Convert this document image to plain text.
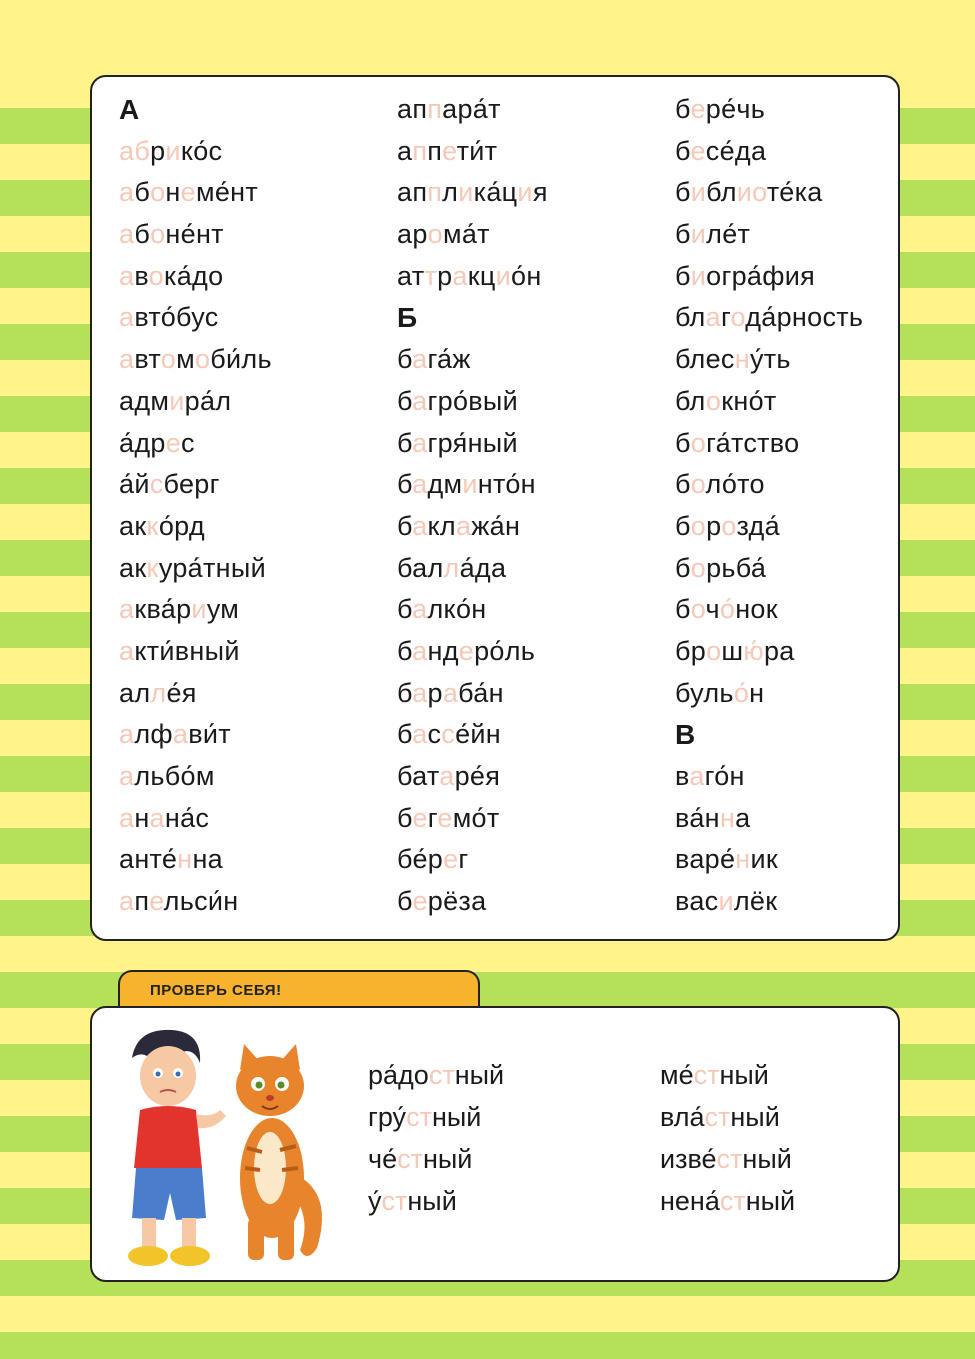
А
абрико́с
абонеме́нт
абоне́нт
авока́до
авто́бус
автомоби́ль
адмира́л
а́дрес
а́йсберг
акко́рд
аккура́тный
аква́риум
акти́вный
алле́я
алфави́т
альбо́м
анана́с
анте́нна
апельси́н
аппара́т
аппети́т
апплика́ция
арома́т
аттракцио́н
Б
бага́ж
багро́вый
багря́ный
бадминто́н
баклажа́н
балла́да
балко́н
бандеро́ль
бараба́н
бассе́йн
батаре́я
бегемо́т
бе́рег
берёза
бере́чь
бесе́да
библиоте́ка
биле́т
биогра́фия
благода́рность
блесну́ть
блокно́т
бога́тство
боло́то
борозда́
борьба́
бочо́нок
брошю́ра
бульо́н
В
ваго́н
ва́нна
варе́ник
василёк
ПРОВЕРЬ СЕБЯ!
ра́достный
гру́стный
че́стный
у́стный
ме́стный
вла́стный
изве́стный
нена́стный
